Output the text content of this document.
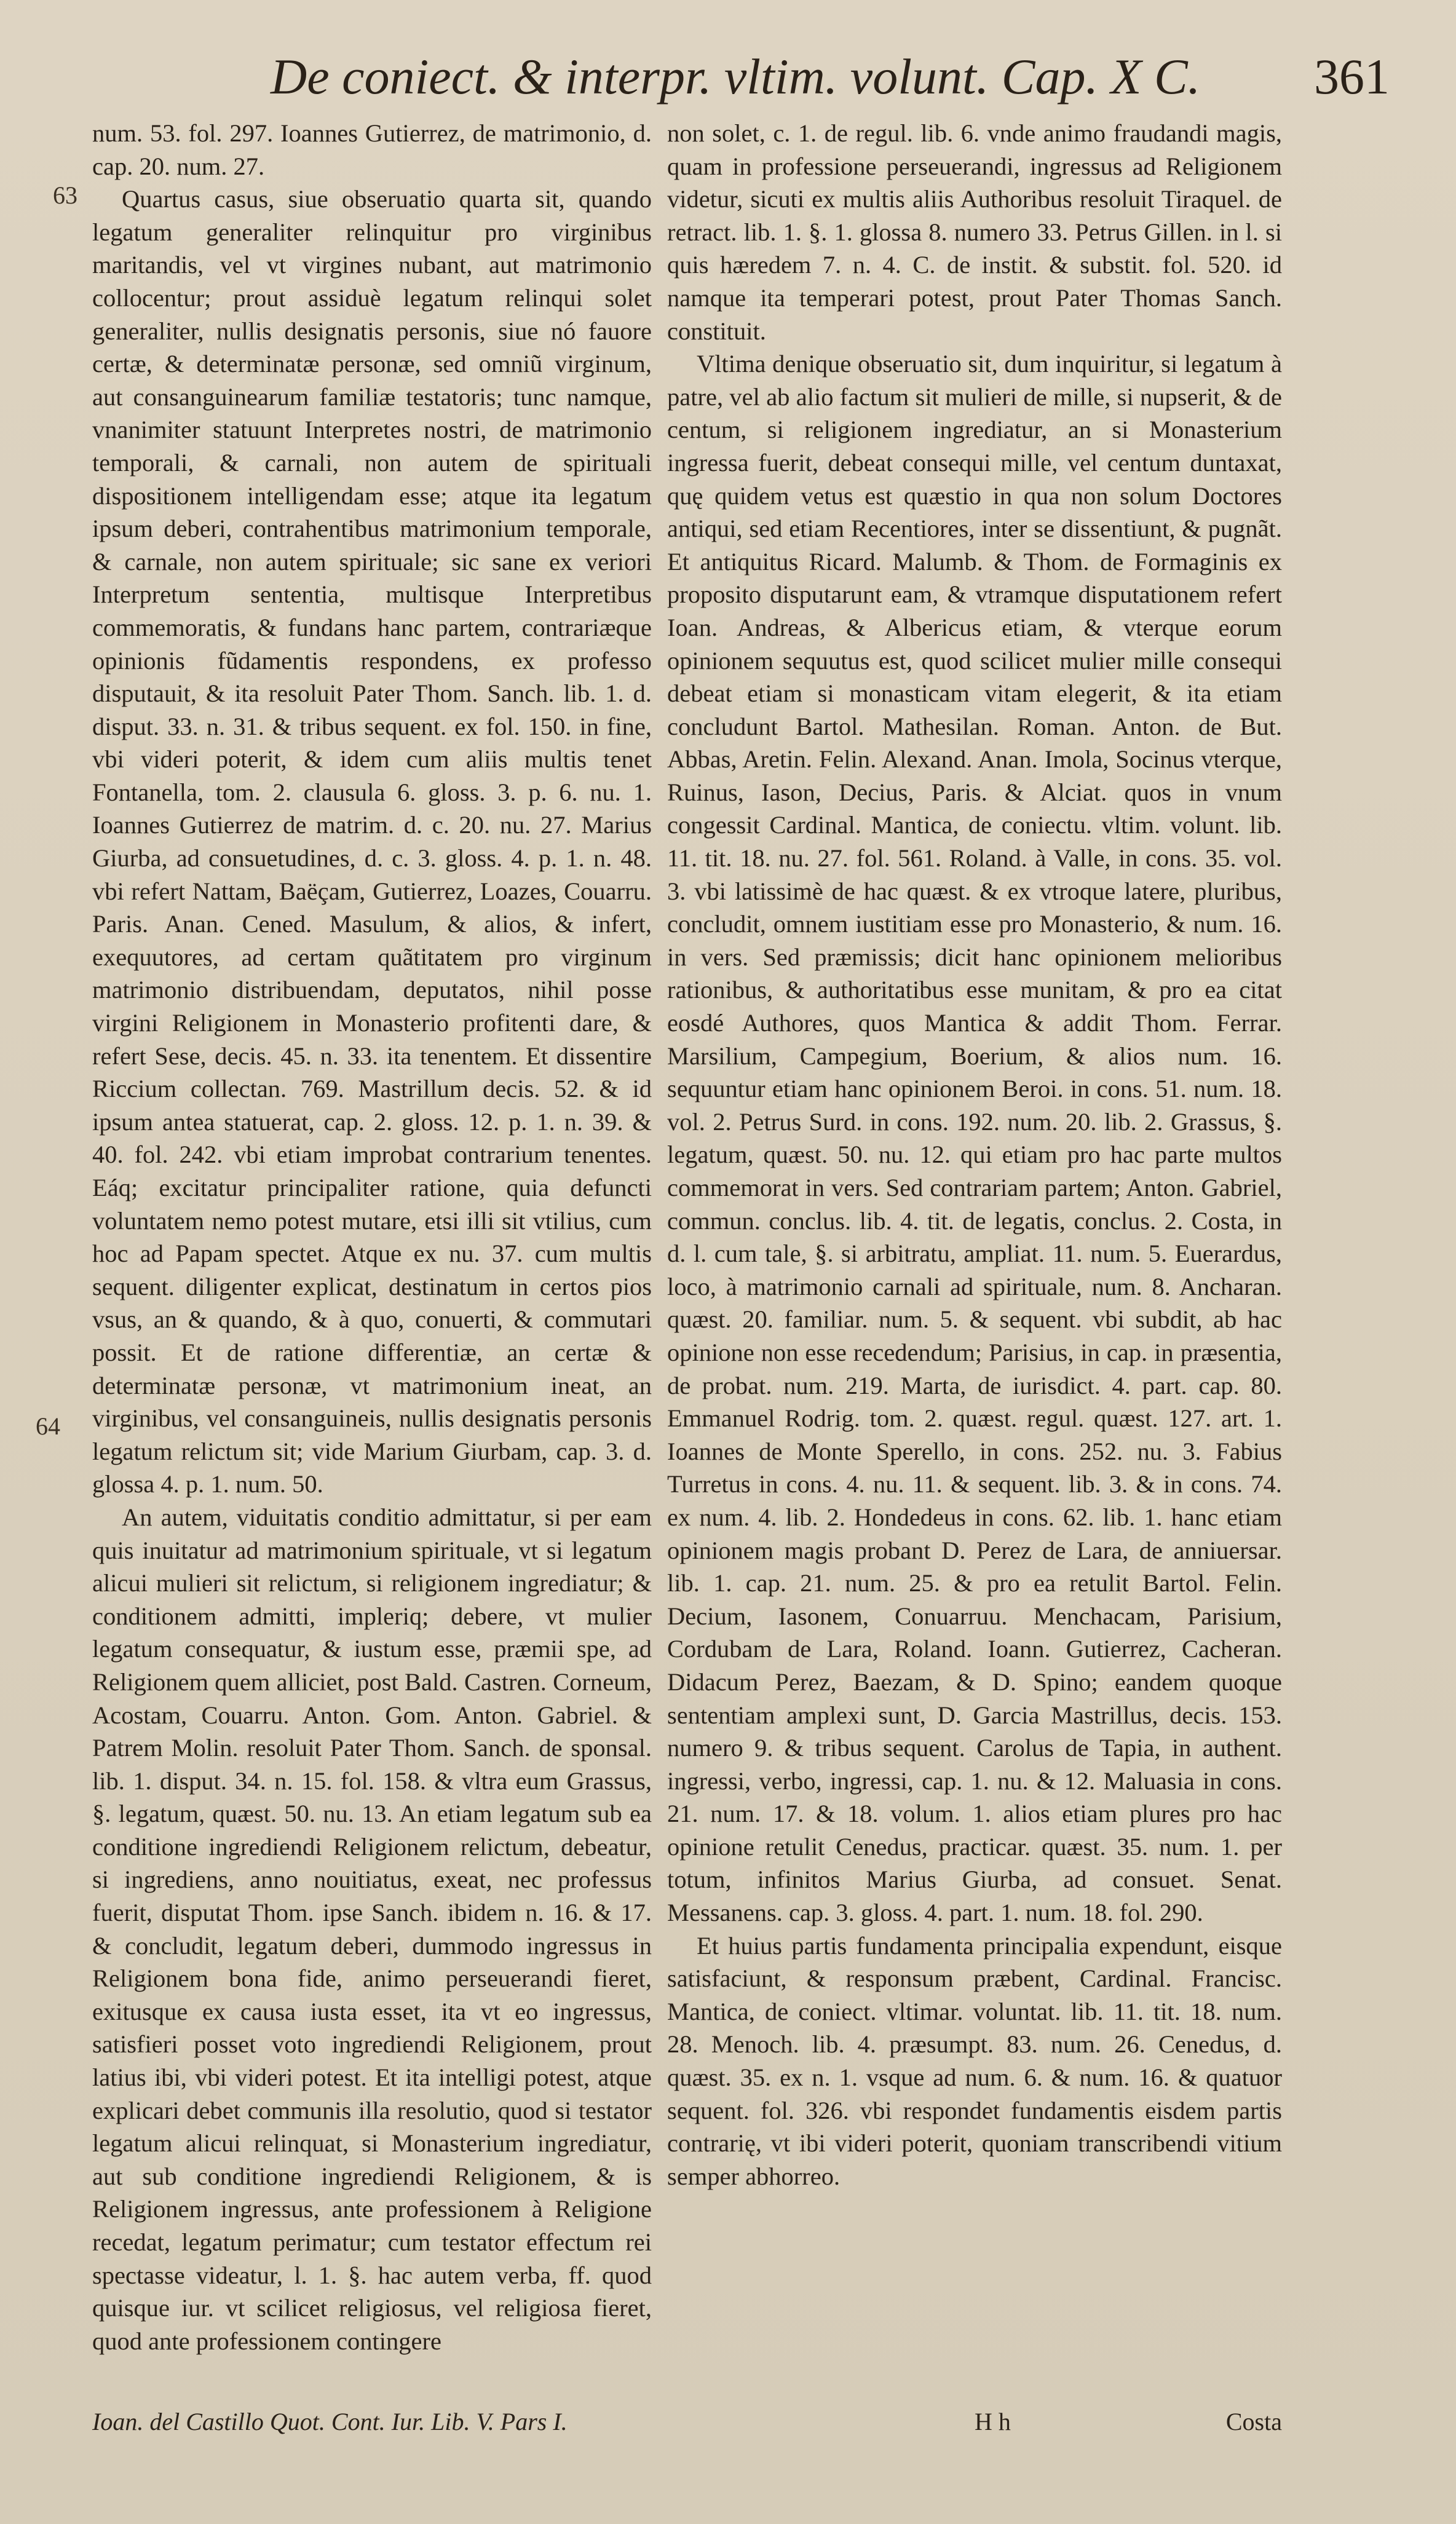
De coniect. & interpr. vltim. volunt. Cap. X C. 361
63
64

num. 53. fol. 297. Ioannes Gutierrez, de matrimonio, d. cap. 20. num. 27.

Quartus casus, siue obseruatio quarta sit, quando legatum generaliter relinquitur pro virginibus maritandis, vel vt virgines nubant, aut matrimonio collocentur; prout assiduè legatum relinqui solet generaliter, nullis designatis personis, siue nó fauore certæ, & determinatæ personæ, sed omniũ virginum, aut consanguinearum familiæ testatoris; tunc namque, vnanimiter statuunt Interpretes nostri, de matrimonio temporali, & carnali, non autem de spirituali dispositionem intelligendam esse; atque ita legatum ipsum deberi, contrahentibus matrimonium temporale, & carnale, non autem spirituale; sic sane ex veriori Interpretum sententia, multisque Interpretibus commemoratis, & fundans hanc partem, contrariæque opinionis fũdamentis respondens, ex professo disputauit, & ita resoluit Pater Thom. Sanch. lib. 1. d. disput. 33. n. 31. & tribus sequent. ex fol. 150. in fine, vbi videri poterit, & idem cum aliis multis tenet Fontanella, tom. 2. clausula 6. gloss. 3. p. 6. nu. 1. Ioannes Gutierrez de matrim. d. c. 20. nu. 27. Marius Giurba, ad consuetudines, d. c. 3. gloss. 4. p. 1. n. 48. vbi refert Nattam, Baëçam, Gutierrez, Loazes, Couarru. Paris. Anan. Cened. Masulum, & alios, & infert, exequutores, ad certam quãtitatem pro virginum matrimonio distribuendam, deputatos, nihil posse virgini Religionem in Monasterio profitenti dare, & refert Sese, decis. 45. n. 33. ita tenentem. Et dissentire Riccium collectan. 769. Mastrillum decis. 52. & id ipsum antea statuerat, cap. 2. gloss. 12. p. 1. n. 39. & 40. fol. 242. vbi etiam improbat contrarium tenentes. Eáq; excitatur principaliter ratione, quia defuncti voluntatem nemo potest mutare, etsi illi sit vtilius, cum hoc ad Papam spectet. Atque ex nu. 37. cum multis sequent. diligenter explicat, destinatum in certos pios vsus, an & quando, & à quo, conuerti, & commutari possit. Et de ratione differentiæ, an certæ & determinatæ personæ, vt matrimonium ineat, an virginibus, vel consanguineis, nullis designatis personis legatum relictum sit; vide Marium Giurbam, cap. 3. d. glossa 4. p. 1. num. 50.

An autem, viduitatis conditio admittatur, si per eam quis inuitatur ad matrimonium spirituale, vt si legatum alicui mulieri sit relictum, si religionem ingrediatur; & conditionem admitti, impleriq; debere, vt mulier legatum consequatur, & iustum esse, præmii spe, ad Religionem quem alliciet, post Bald. Castren. Corneum, Acostam, Couarru. Anton. Gom. Anton. Gabriel. & Patrem Molin. resoluit Pater Thom. Sanch. de sponsal. lib. 1. disput. 34. n. 15. fol. 158. & vltra eum Grassus, §. legatum, quæst. 50. nu. 13. An etiam legatum sub ea conditione ingrediendi Religionem relictum, debeatur, si ingrediens, anno nouitiatus, exeat, nec professus fuerit, disputat Thom. ipse Sanch. ibidem n. 16. & 17. & concludit, legatum deberi, dummodo ingressus in Religionem bona fide, animo perseuerandi fieret, exitusque ex causa iusta esset, ita vt eo ingressus, satisfieri posset voto ingrediendi Religionem, prout latius ibi, vbi videri potest. Et ita intelligi potest, atque explicari debet communis illa resolutio, quod si testator legatum alicui relinquat, si Monasterium ingrediatur, aut sub conditione ingrediendi Religionem, & is Religionem ingressus, ante professionem à Religione recedat, legatum perimatur; cum testator effectum rei spectasse videatur, l. 1. §. hac autem verba, ff. quod quisque iur. vt scilicet religiosus, vel religiosa fieret, quod ante professionem contingere

non solet, c. 1. de regul. lib. 6. vnde animo fraudandi magis, quam in professione perseuerandi, ingressus ad Religionem videtur, sicuti ex multis aliis Authoribus resoluit Tiraquel. de retract. lib. 1. §. 1. glossa 8. numero 33. Petrus Gillen. in l. si quis hæredem 7. n. 4. C. de instit. & substit. fol. 520. id namque ita temperari potest, prout Pater Thomas Sanch. constituit.

Vltima denique obseruatio sit, dum inquiritur, si legatum à patre, vel ab alio factum sit mulieri de mille, si nupserit, & de centum, si religionem ingrediatur, an si Monasterium ingressa fuerit, debeat consequi mille, vel centum duntaxat, quę quidem vetus est quæstio in qua non solum Doctores antiqui, sed etiam Recentiores, inter se dissentiunt, & pugnãt. Et antiquitus Ricard. Malumb. & Thom. de Formaginis ex proposito disputarunt eam, & vtramque disputationem refert Ioan. Andreas, & Albericus etiam, & vterque eorum opinionem sequutus est, quod scilicet mulier mille consequi debeat etiam si monasticam vitam elegerit, & ita etiam concludunt Bartol. Mathesilan. Roman. Anton. de But. Abbas, Aretin. Felin. Alexand. Anan. Imola, Socinus vterque, Ruinus, Iason, Decius, Paris. & Alciat. quos in vnum congessit Cardinal. Mantica, de coniectu. vltim. volunt. lib. 11. tit. 18. nu. 27. fol. 561. Roland. à Valle, in cons. 35. vol. 3. vbi latissimè de hac quæst. & ex vtroque latere, pluribus, concludit, omnem iustitiam esse pro Monasterio, & num. 16. in vers. Sed præmissis; dicit hanc opinionem melioribus rationibus, & authoritatibus esse munitam, & pro ea citat eosdé Authores, quos Mantica & addit Thom. Ferrar. Marsilium, Campegium, Boerium, & alios num. 16. sequuntur etiam hanc opinionem Beroi. in cons. 51. num. 18. vol. 2. Petrus Surd. in cons. 192. num. 20. lib. 2. Grassus, §. legatum, quæst. 50. nu. 12. qui etiam pro hac parte multos commemorat in vers. Sed contrariam partem; Anton. Gabriel, commun. conclus. lib. 4. tit. de legatis, conclus. 2. Costa, in d. l. cum tale, §. si arbitratu, ampliat. 11. num. 5. Euerardus, loco, à matrimonio carnali ad spirituale, num. 8. Ancharan. quæst. 20. familiar. num. 5. & sequent. vbi subdit, ab hac opinione non esse recedendum; Parisius, in cap. in præsentia, de probat. num. 219. Marta, de iurisdict. 4. part. cap. 80. Emmanuel Rodrig. tom. 2. quæst. regul. quæst. 127. art. 1. Ioannes de Monte Sperello, in cons. 252. nu. 3. Fabius Turretus in cons. 4. nu. 11. & sequent. lib. 3. & in cons. 74. ex num. 4. lib. 2. Hondedeus in cons. 62. lib. 1. hanc etiam opinionem magis probant D. Perez de Lara, de anniuersar. lib. 1. cap. 21. num. 25. & pro ea retulit Bartol. Felin. Decium, Iasonem, Conuarruu. Menchacam, Parisium, Cordubam de Lara, Roland. Ioann. Gutierrez, Cacheran. Didacum Perez, Baezam, & D. Spino; eandem quoque sententiam amplexi sunt, D. Garcia Mastrillus, decis. 153. numero 9. & tribus sequent. Carolus de Tapia, in authent. ingressi, verbo, ingressi, cap. 1. nu. & 12. Maluasia in cons. 21. num. 17. & 18. volum. 1. alios etiam plures pro hac opinione retulit Cenedus, practicar. quæst. 35. num. 1. per totum, infinitos Marius Giurba, ad consuet. Senat. Messanens. cap. 3. gloss. 4. part. 1. num. 18. fol. 290.

Et huius partis fundamenta principalia expendunt, eisque satisfaciunt, & responsum præbent, Cardinal. Francisc. Mantica, de coniect. vltimar. voluntat. lib. 11. tit. 18. num. 28. Menoch. lib. 4. præsumpt. 83. num. 26. Cenedus, d. quæst. 35. ex n. 1. vsque ad num. 6. & num. 16. & quatuor sequent. fol. 326. vbi respondet fundamentis eisdem partis contrarię, vt ibi videri poterit, quoniam transcribendi vitium semper abhorreo.

Ioan. del Castillo Quot. Cont. Iur. Lib. V. Pars I.	H h	Costa
